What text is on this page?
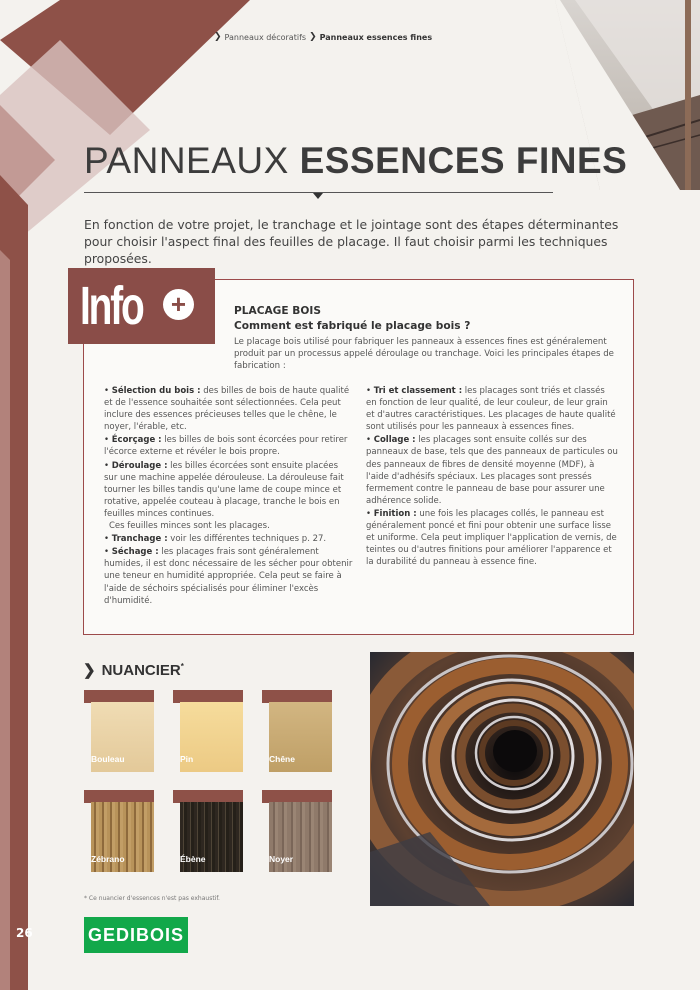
❯ Panneaux décoratifs ❯ Panneaux essences fines
PANNEAUX ESSENCES FINES

En fonction de votre projet, le tranchage et le jointage sont des étapes déterminantes pour choisir l'aspect final des feuilles de placage. Il faut choisir parmi les techniques proposées.

Info	+	PLACAGE BOIS
Comment est fabriqué le placage bois ?

Le placage bois utilisé pour fabriquer les panneaux à essences fines est généralement produit par un processus appelé déroulage ou tranchage. Voici les principales étapes de fabrication :

• Sélection du bois : des billes de bois de haute qualité et de l'essence souhaitée sont sélectionnées. Cela peut inclure des essences précieuses telles que le chêne, le noyer, l'érable, etc.

• Écorçage : les billes de bois sont écorcées pour retirer l'écorce externe et révéler le bois propre.

• Déroulage : les billes écorcées sont ensuite placées sur une machine appelée dérouleuse. La dérouleuse fait tourner les billes tandis qu'une lame de coupe mince et rotative, appelée couteau à placage, tranche le bois en feuilles minces continues.

Ces feuilles minces sont les placages.

• Tranchage : voir les différentes techniques p. 27.

• Séchage : les placages frais sont généralement humides, il est donc nécessaire de les sécher pour obtenir une teneur en humidité appropriée. Cela peut se faire à l'aide de séchoirs spécialisés pour éliminer l'excès d'humidité.

• Tri et classement : les placages sont triés et classés en fonction de leur qualité, de leur couleur, de leur grain et d'autres caractéristiques. Les placages de haute qualité sont utilisés pour les panneaux à essences fines.

• Collage : les placages sont ensuite collés sur des panneaux de base, tels que des panneaux de particules ou des panneaux de fibres de densité moyenne (MDF), à l'aide d'adhésifs spéciaux. Les placages sont pressés fermement contre le panneau de base pour assurer une adhérence solide.

• Finition : une fois les placages collés, le panneau est généralement poncé et fini pour obtenir une surface lisse et uniforme. Cela peut impliquer l'application de vernis, de teintes ou d'autres finitions pour améliorer l'apparence et la durabilité du panneau à essence fine.

❯ NUANCIER*
Bouleau	Pin	Chêne
Zébrano	Ébène	Noyer
* Ce nuancier d'essences n'est pas exhaustif.
26	GEDIBOIS
